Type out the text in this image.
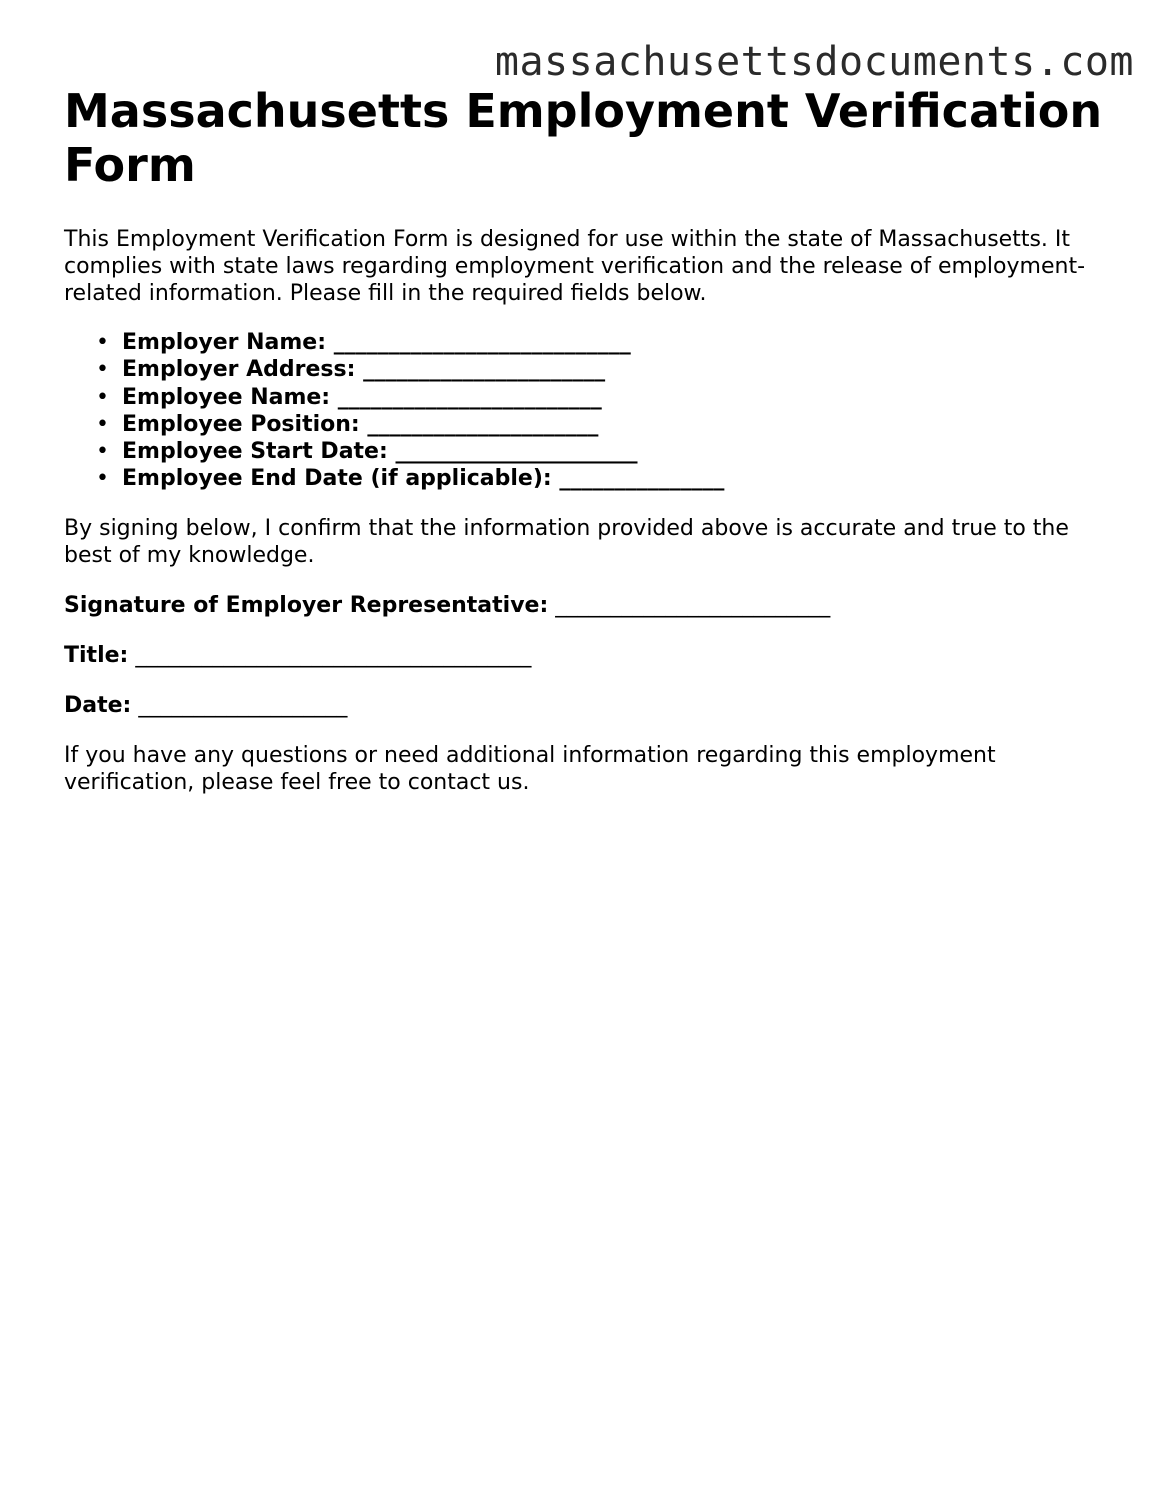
massachusettsdocuments.com
Massachusetts Employment Verification Form

This Employment Verification Form is designed for use within the state of Massachusetts. It complies with state laws regarding employment verification and the release of employment-related information. Please fill in the required fields below.

• Employer Name: ___________________________
• Employer Address: ______________________
• Employee Name: ________________________
• Employee Position: _____________________
• Employee Start Date: ______________________
• Employee End Date (if applicable): _______________

By signing below, I confirm that the information provided above is accurate and true to the best of my knowledge.

Signature of Employer Representative: _________________________
Title: ____________________________________
Date: ___________________

If you have any questions or need additional information regarding this employment verification, please feel free to contact us.
